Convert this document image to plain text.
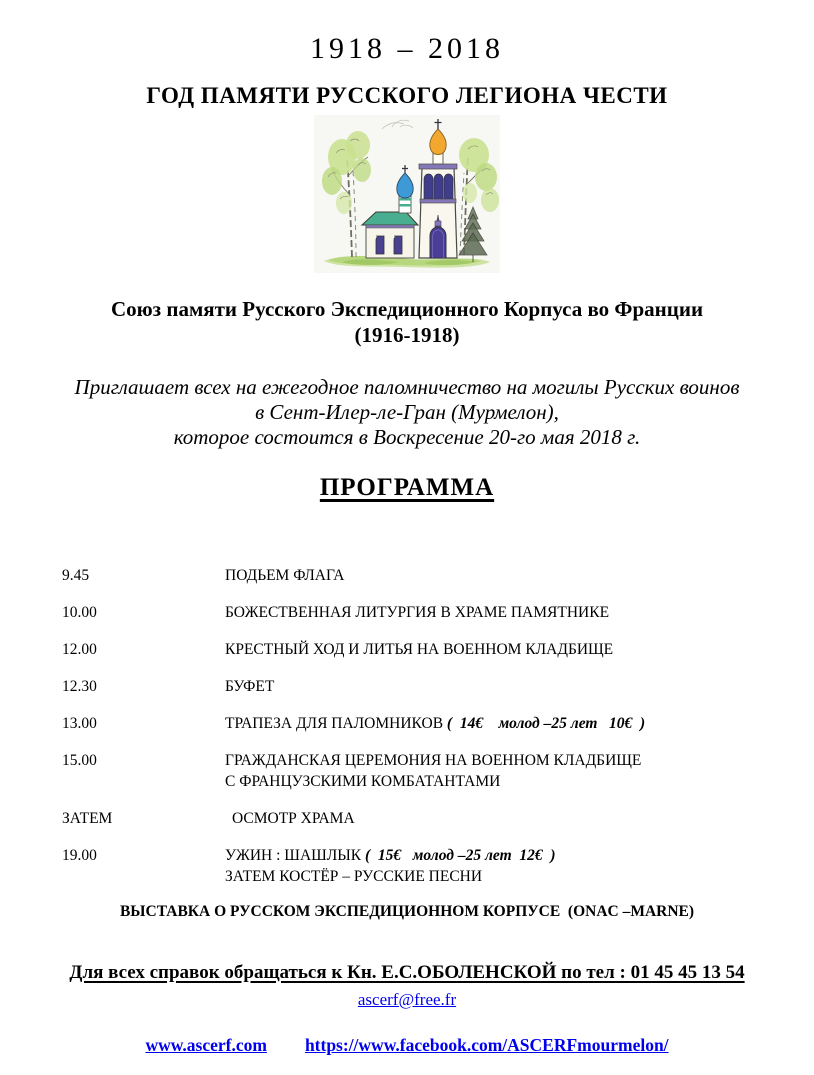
1918 – 2018
ГОД ПАМЯТИ РУССКОГО ЛЕГИОНА ЧЕСТИ
Союз памяти Русского Экспедиционного Корпуса во Франции
(1916-1918)
Приглашает всех на ежегодное паломничество на могилы Русских воинов
в Сент-Илер-ле-Гран (Мурмелон),
которое состоится в Воскресение 20-го мая 2018 г.
ПРОГРАММА
9.45	ПОДЬЕМ ФЛАГА
10.00	БОЖЕСТВЕННАЯ ЛИТУРГИЯ В ХРАМЕ ПАМЯТНИКЕ
12.00	КРЕСТНЫЙ ХОД И ЛИТЬЯ НА ВОЕННОМ КЛАДБИЩЕ
12.30	БУФЕТ
13.00	ТРАПЕЗА ДЛЯ ПАЛОМНИКОВ (  14€    молод –25 лет   10€  )
15.00	ГРАЖДАНСКАЯ ЦЕРЕМОНИЯ НА ВОЕННОМ КЛАДБИЩЕ
С ФРАНЦУЗСКИМИ КОМБАТАНТАМИ
ЗАТЕМ	ОСМОТР ХРАМА
19.00	УЖИН : ШАШЛЫК (  15€   молод –25 лет  12€  )
ЗАТЕМ КОСТЁР – РУССКИЕ ПЕСНИ
ВЫСТАВКА О РУССКОМ ЭКСПЕДИЦИОННОМ КОРПУСЕ  (ONAC –MARNE)
Для всех справок обращаться к Кн. Е.С.ОБОЛЕНСКОЙ по тел : 01 45 45 13 54
ascerf@free.fr
www.ascerf.com https://www.facebook.com/ASCERFmourmelon/
